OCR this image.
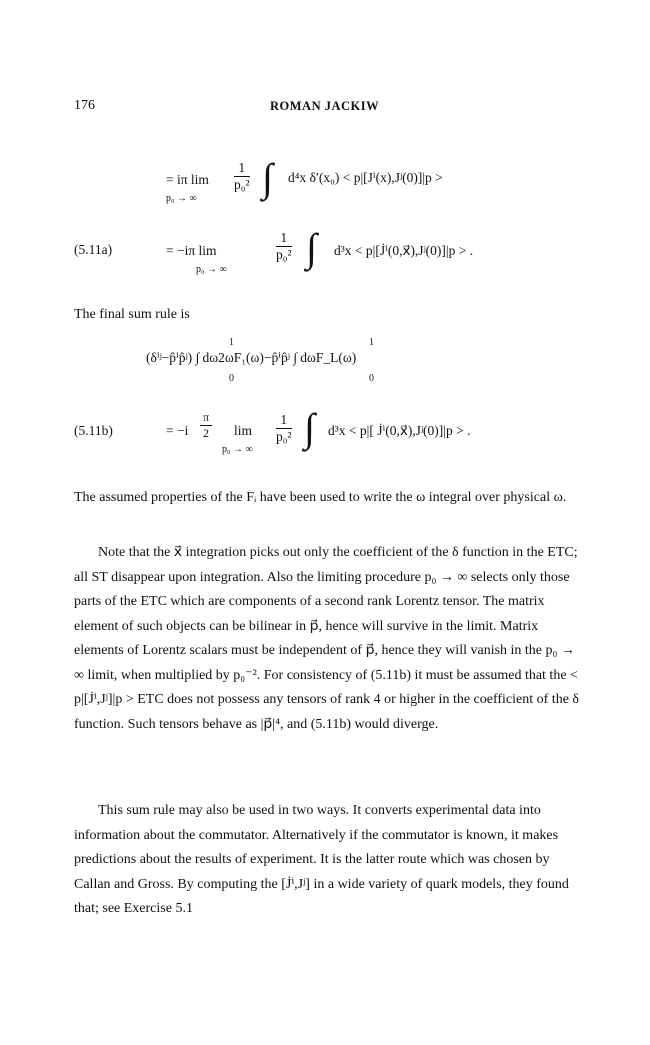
176	ROMAN JACKIW
= iπ lim
p₀ → ∞
$\frac{1}{\text{p₀²}}$ ∫ d⁴x δ′(x₀) < p|[Jⁱ(x),Jʲ(0)]|p >
(5.11a)	= −iπ lim
p₀ → ∞
$\frac{1}{\text{p₀²}}$ ∫ d³x < p|[J̇ⁱ(0,x⃗),Jʲ(0)]|p > .
The final sum rule is
1	1
(δⁱʲ−p̂ⁱp̂ʲ) ∫ dω2ωF₁(ω)−p̂ⁱp̂ʲ ∫ dωF_L(ω)
0	0
(5.11b)	= $-i \frac{\pi}{2}$ lim
p₀ → ∞
$\frac{1}{\text{p₀²}}$ ∫ d³x < p|[ J̇ⁱ(0,x⃗),Jʲ(0)]|p > .

The assumed properties of the Fᵢ have been used to write the ω integral over physical ω.

Note that the x⃗ integration picks out only the coefficient of the δ function in the ETC; all ST disappear upon integration. Also the limiting procedure p₀ → ∞ selects only those parts of the ETC which are components of a second rank Lorentz tensor. The matrix element of such objects can be bilinear in p⃗, hence will survive in the limit. Matrix elements of Lorentz scalars must be independent of p⃗, hence they will vanish in the p₀ → ∞ limit, when multiplied by p₀⁻². For consistency of (5.11b) it must be assumed that the < p|[J̇ⁱ,Jʲ]|p > ETC does not possess any tensors of rank 4 or higher in the coefficient of the δ function. Such tensors behave as |p⃗|⁴, and (5.11b) would diverge.

This sum rule may also be used in two ways. It converts experimental data into information about the commutator. Alternatively if the commutator is known, it makes predictions about the results of experiment. It is the latter route which was chosen by Callan and Gross. By computing the [J̇ⁱ,Jʲ] in a wide variety of quark models, they found that; see Exercise 5.1
